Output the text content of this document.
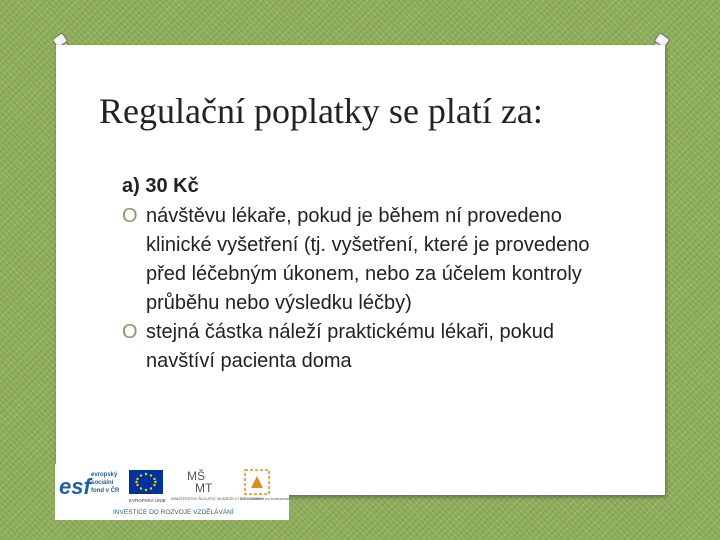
Regulační poplatky se platí za:
a) 30 Kč
O návštěvu lékaře, pokud je během ní provedeno klinické vyšetření (tj. vyšetření, které je provedeno před léčebným úkonem, nebo za účelem kontroly průběhu nebo výsledku léčby)
O stejná částka náleží praktickému lékaři, pokud navštíví pacienta doma
esf evropský
sociální
fond v ČR
EVROPSKÁ UNIE
MŠ
MT
MINISTERSTVO ŠKOLSTVÍ, MLÁDEŽE A TĚLOVÝCHOVY
OP Vzdělávání pro konkurenc
INVESTICE DO ROZVOJE VZDĚLÁVÁNÍ
